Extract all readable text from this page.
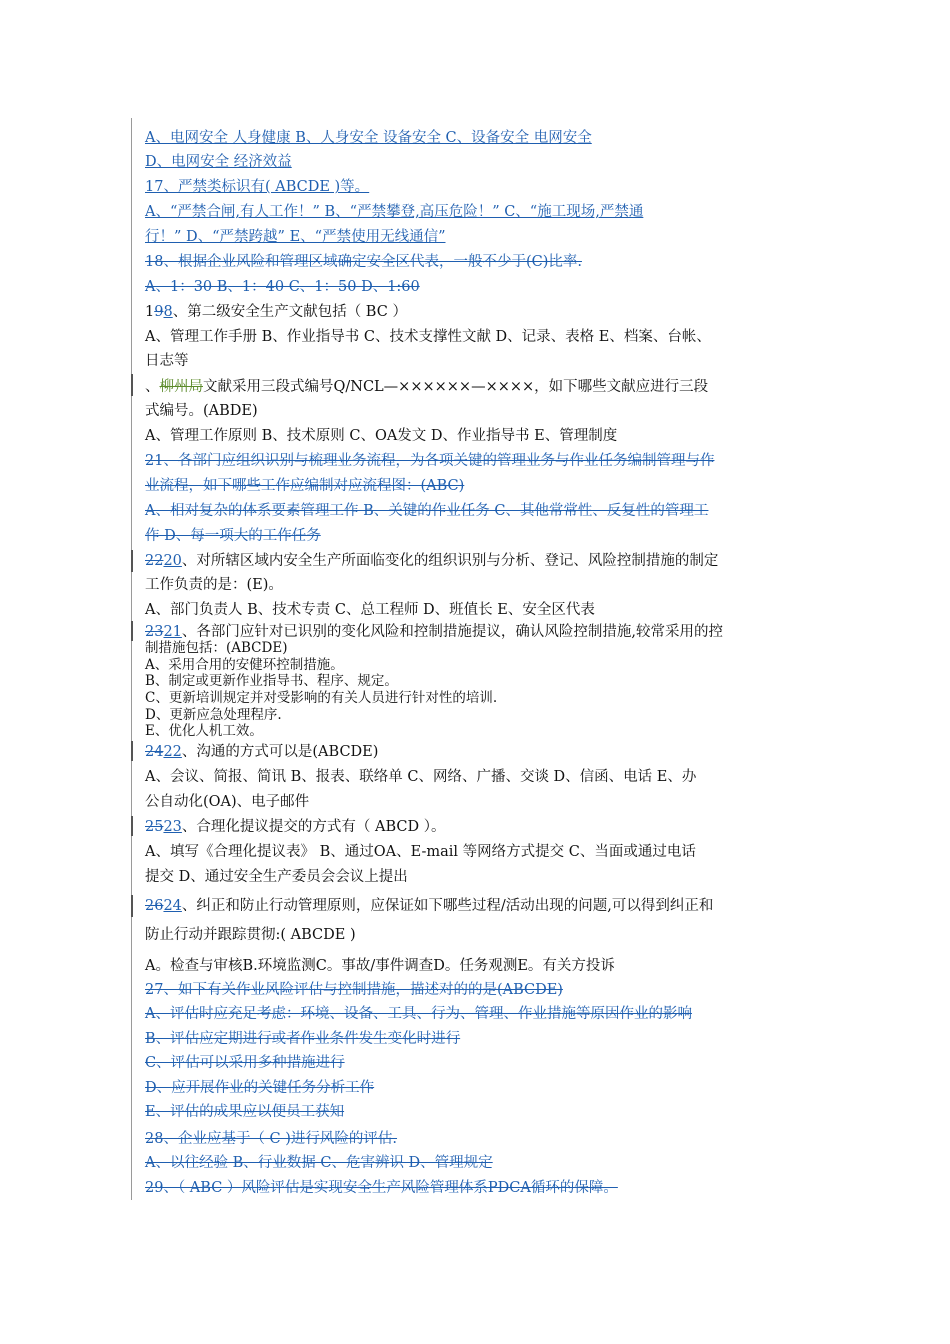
A、电网安全 人身健康 B、人身安全 设备安全 C、设备安全 电网安全
D、电网安全 经济效益
17、严禁类标识有( ABCDE )等。
A、“严禁合闸,有人工作！” B、“严禁攀登,高压危险！” C、“施工现场,严禁通
行！” D、“严禁跨越” E、“严禁使用无线通信”
18、根据企业风险和管理区域确定安全区代表，一般不少于(C)比率.
A、1：30 B、1：40 C、1：50 D、1:60
198、第二级安全生产文献包括（ BC ）
A、管理工作手册 B、作业指导书 C、技术支撑性文献 D、记录、表格 E、档案、台帐、
日志等
、柳州局文献采用三段式编号Q/NCL—××××××—××××，如下哪些文献应进行三段
式编号。(ABDE)
A、管理工作原则 B、技术原则 C、OA发文 D、作业指导书 E、管理制度
21、各部门应组织识别与梳理业务流程，为各项关键的管理业务与作业任务编制管理与作
业流程，如下哪些工作应编制对应流程图：(ABC)
A、相对复杂的体系要素管理工作 B、关键的作业任务 C、其他常常性、反复性的管理工
作 D、每一项大的工作任务
2220、对所辖区域内安全生产所面临变化的组织识别与分析、登记、风险控制措施的制定
工作负责的是：(E)。
A、部门负责人 B、技术专责 C、总工程师 D、班值长 E、安全区代表
2321、各部门应针对已识别的变化风险和控制措施提议，确认风险控制措施,较常采用的控
制措施包括：(ABCDE)
A、采用合用的安健环控制措施。
B、制定或更新作业指导书、程序、规定。
C、更新培训规定并对受影响的有关人员进行针对性的培训.
D、更新应急处理程序.
E、优化人机工效。
2422、沟通的方式可以是(ABCDE)
A、会议、简报、简讯 B、报表、联络单 C、网络、广播、交谈 D、信函、电话 E、办
公自动化(OA)、电子邮件
2523、合理化提议提交的方式有（ ABCD ）。
A、填写《合理化提议表》 B、通过OA、E-mail 等网络方式提交 C、当面或通过电话
提交 D、通过安全生产委员会会议上提出
2624、纠正和防止行动管理原则，应保证如下哪些过程/活动出现的问题,可以得到纠正和
防止行动并跟踪贯彻:( ABCDE )
A。检查与审核B.环境监测C。事故/事件调查D。任务观测E。有关方投诉
27、如下有关作业风险评估与控制措施，描述对的的是(ABCDE)
A、评估时应充足考虑：环境、设备、工具、行为、管理、作业措施等原因作业的影响
B、评估应定期进行或者作业条件发生变化时进行
C、评估可以采用多种措施进行
D、应开展作业的关键任务分析工作
E、评估的成果应以便员工获知
28、企业应基于（ C )进行风险的评估.
A、以往经验 B、行业数据 C、危害辨识 D、管理规定
29、（ ABC ）风险评估是实现安全生产风险管理体系PDCA循环的保障。
